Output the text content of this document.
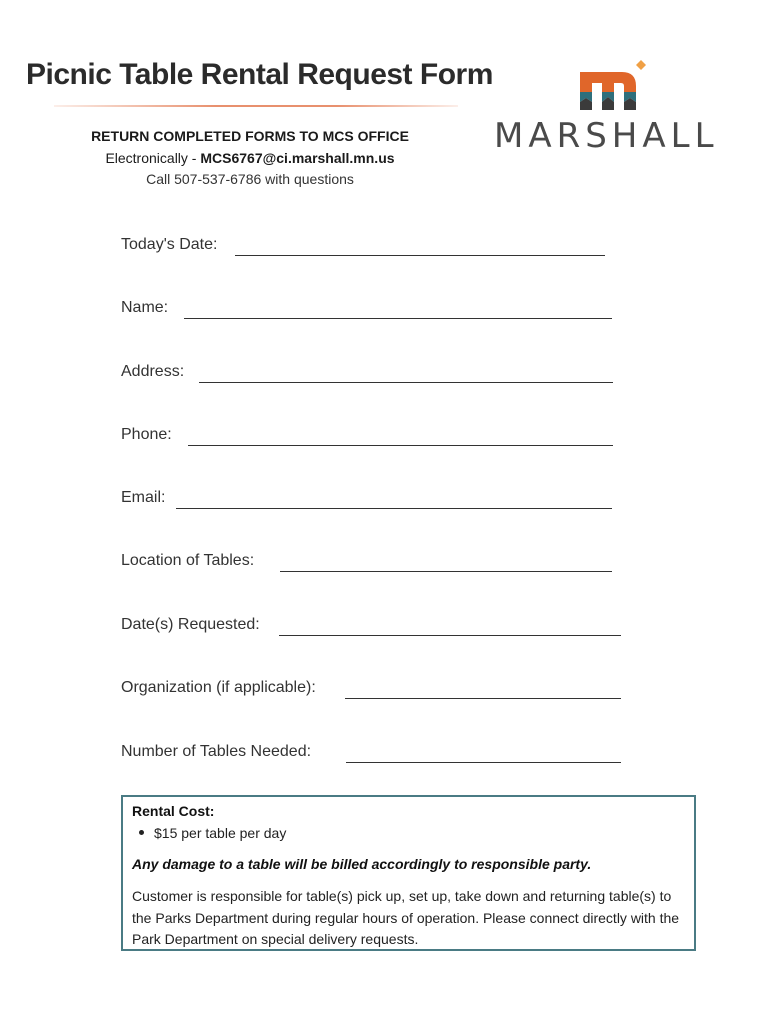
Picnic Table Rental Request Form
RETURN COMPLETED FORMS TO MCS OFFICE
Electronically - MCS6767@ci.marshall.mn.us
Call 507-537-6786 with questions
MARSHALL
Today's Date:
Name:
Address:
Phone:
Email:
Location of Tables:
Date(s) Requested:
Organization (if applicable):
Number of Tables Needed:
Rental Cost:
$15 per table per day
Any damage to a table will be billed accordingly to responsible party.
Customer is responsible for table(s) pick up, set up, take down and returning table(s) to the Parks Department during regular hours of operation. Please connect directly with the Park Department on special delivery requests.
